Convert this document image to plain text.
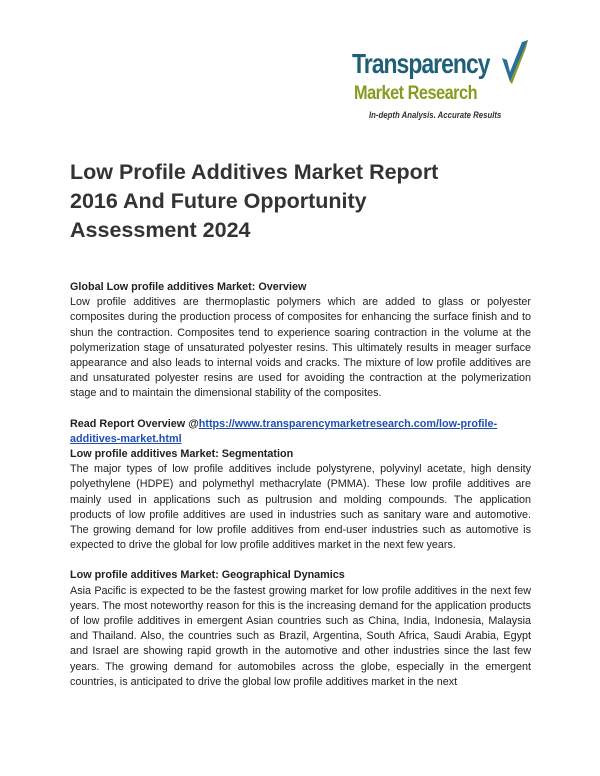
Transparency
Market Research
In-depth Analysis. Accurate Results
Low Profile Additives Market Report 2016 And Future Opportunity Assessment 2024
Global Low profile additives Market: Overview

Low profile additives are thermoplastic polymers which are added to glass or polyester composites during the production process of composites for enhancing the surface finish and to shun the contraction. Composites tend to experience soaring contraction in the volume at the polymerization stage of unsaturated polyester resins. This ultimately results in meager surface appearance and also leads to internal voids and cracks. The mixture of low profile additives are and unsaturated polyester resins are used for avoiding the contraction at the polymerization stage and to maintain the dimensional stability of the composites.

Read Report Overview @https://www.transparencymarketresearch.com/low-profile-additives-market.html
Low profile additives Market: Segmentation

The major types of low profile additives include polystyrene, polyvinyl acetate, high density polyethylene (HDPE) and polymethyl methacrylate (PMMA). These low profile additives are mainly used in applications such as pultrusion and molding compounds. The application products of low profile additives are used in industries such as sanitary ware and automotive. The growing demand for low profile additives from end-user industries such as automotive is expected to drive the global for low profile additives market in the next few years.

Low profile additives Market: Geographical Dynamics

Asia Pacific is expected to be the fastest growing market for low profile additives in the next few years. The most noteworthy reason for this is the increasing demand for the application products of low profile additives in emergent Asian countries such as China, India, Indonesia, Malaysia and Thailand. Also, the countries such as Brazil, Argentina, South Africa, Saudi Arabia, Egypt and Israel are showing rapid growth in the automotive and other industries since the last few years. The growing demand for automobiles across the globe, especially in the emergent countries, is anticipated to drive the global low profile additives market in the next
